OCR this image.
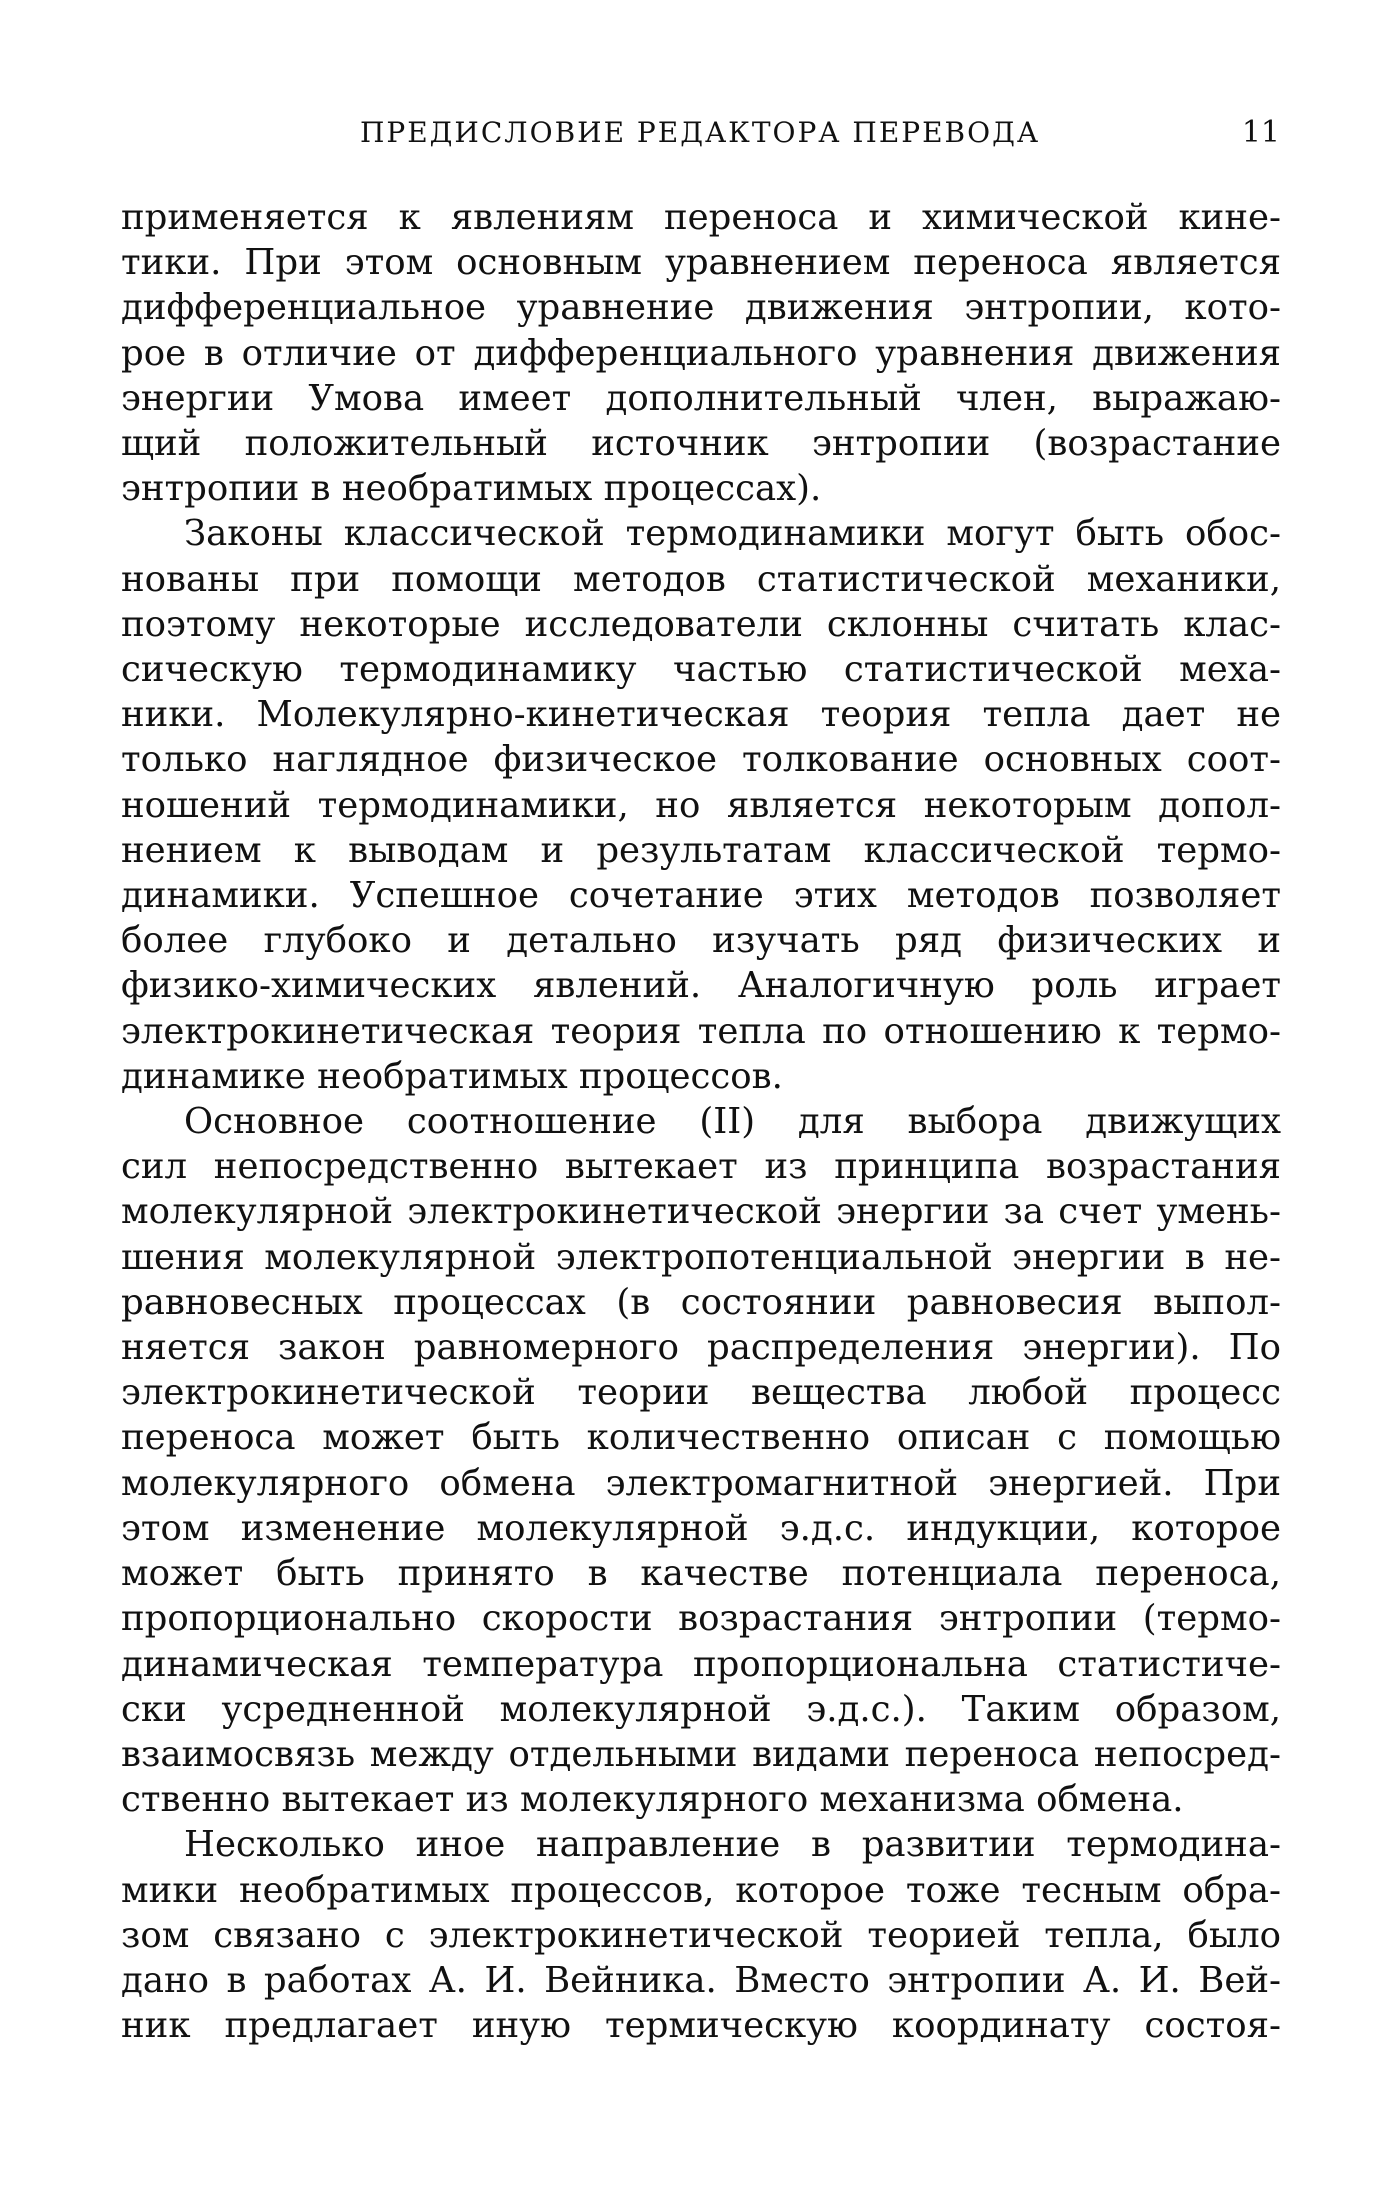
ПРЕДИСЛОВИЕ РЕДАКТОРА ПЕРЕВОДА	11

применяется к явлениям переноса и химической кине-
тики. При этом основным уравнением переноса является
дифференциальное уравнение движения энтропии, кото-
рое в отличие от дифференциального уравнения движения
энергии Умова имеет дополнительный член, выражаю-
щий положительный источник энтропии (возрастание
энтропии в необратимых процессах).

Законы классической термодинамики могут быть обос-
нованы при помощи методов статистической механики,
поэтому некоторые исследователи склонны считать клас-
сическую термодинамику частью статистической меха-
ники. Молекулярно-кинетическая теория тепла дает не
только наглядное физическое толкование основных соот-
ношений термодинамики, но является некоторым допол-
нением к выводам и результатам классической термо-
динамики. Успешное сочетание этих методов позволяет
более глубоко и детально изучать ряд физических и
физико-химических явлений. Аналогичную роль играет
электрокинетическая теория тепла по отношению к термо-
динамике необратимых процессов.

Основное соотношение (II) для выбора движущих
сил непосредственно вытекает из принципа возрастания
молекулярной электрокинетической энергии за счет умень-
шения молекулярной электропотенциальной энергии в не-
равновесных процессах (в состоянии равновесия выпол-
няется закон равномерного распределения энергии). По
электрокинетической теории вещества любой процесс
переноса может быть количественно описан с помощью
молекулярного обмена электромагнитной энергией. При
этом изменение молекулярной э.д.с. индукции, которое
может быть принято в качестве потенциала переноса,
пропорционально скорости возрастания энтропии (термо-
динамическая температура пропорциональна статистиче-
ски усредненной молекулярной э.д.с.). Таким образом,
взаимосвязь между отдельными видами переноса непосред-
ственно вытекает из молекулярного механизма обмена.

Несколько иное направление в развитии термодина-
мики необратимых процессов, которое тоже тесным обра-
зом связано с электрокинетической теорией тепла, было
дано в работах А. И. Вейника. Вместо энтропии А. И. Вей-
ник предлагает иную термическую координату состоя-
